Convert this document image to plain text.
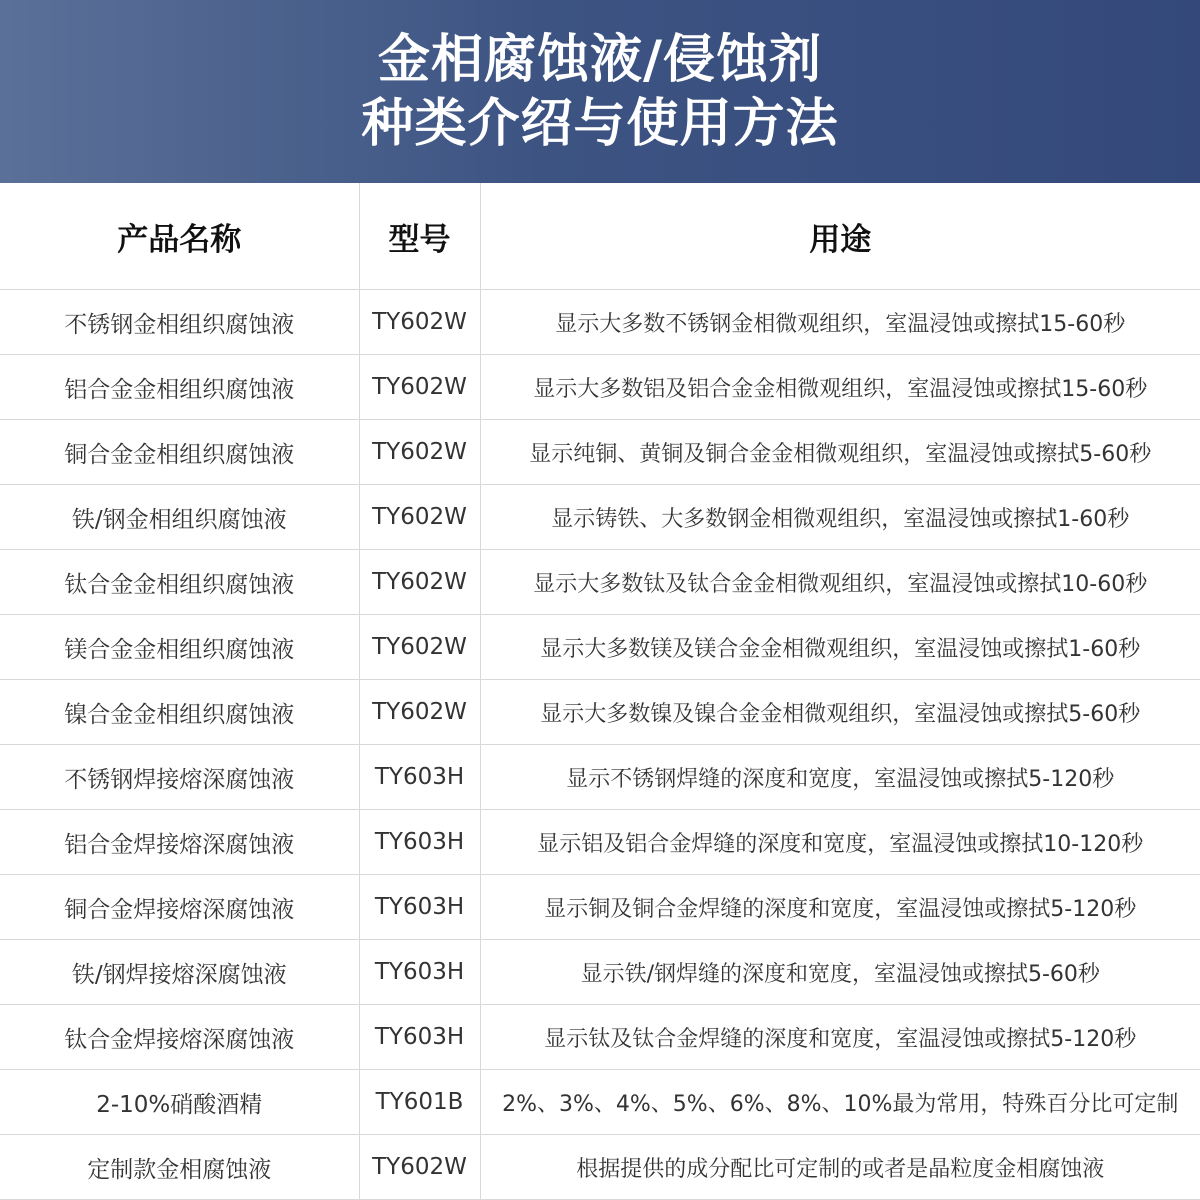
金相腐蚀液/侵蚀剂
种类介绍与使用方法
产品名称	型号	用途
不锈钢金相组织腐蚀液	TY602W	显示大多数不锈钢金相微观组织，室温浸蚀或擦拭15-60秒
铝合金金相组织腐蚀液	TY602W	显示大多数铝及铝合金金相微观组织，室温浸蚀或擦拭15-60秒
铜合金金相组织腐蚀液	TY602W	显示纯铜、黄铜及铜合金金相微观组织，室温浸蚀或擦拭5-60秒
铁/钢金相组织腐蚀液	TY602W	显示铸铁、大多数钢金相微观组织，室温浸蚀或擦拭1-60秒
钛合金金相组织腐蚀液	TY602W	显示大多数钛及钛合金金相微观组织，室温浸蚀或擦拭10-60秒
镁合金金相组织腐蚀液	TY602W	显示大多数镁及镁合金金相微观组织，室温浸蚀或擦拭1-60秒
镍合金金相组织腐蚀液	TY602W	显示大多数镍及镍合金金相微观组织，室温浸蚀或擦拭5-60秒
不锈钢焊接熔深腐蚀液	TY603H	显示不锈钢焊缝的深度和宽度，室温浸蚀或擦拭5-120秒
铝合金焊接熔深腐蚀液	TY603H	显示铝及铝合金焊缝的深度和宽度，室温浸蚀或擦拭10-120秒
铜合金焊接熔深腐蚀液	TY603H	显示铜及铜合金焊缝的深度和宽度，室温浸蚀或擦拭5-120秒
铁/钢焊接熔深腐蚀液	TY603H	显示铁/钢焊缝的深度和宽度，室温浸蚀或擦拭5-60秒
钛合金焊接熔深腐蚀液	TY603H	显示钛及钛合金焊缝的深度和宽度，室温浸蚀或擦拭5-120秒
2-10%硝酸酒精	TY601B	2%、3%、4%、5%、6%、8%、10%最为常用，特殊百分比可定制
定制款金相腐蚀液	TY602W	根据提供的成分配比可定制的或者是晶粒度金相腐蚀液
